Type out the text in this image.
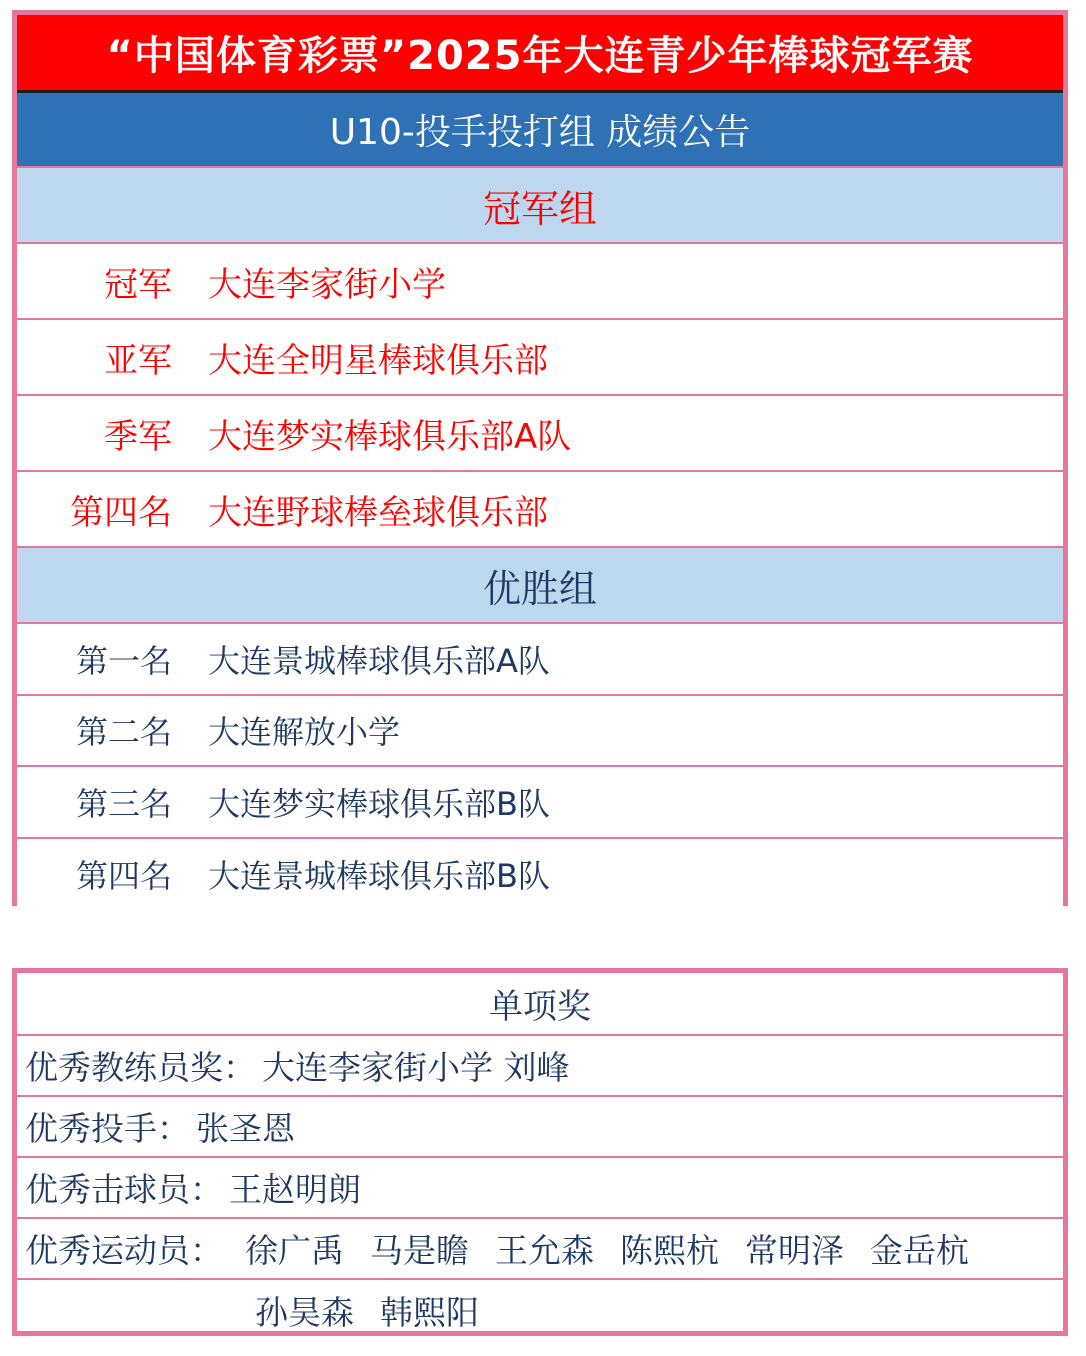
“中国体育彩票”2025年大连青少年棒球冠军赛
U10-投手投打组 成绩公告
冠军组
冠军 大连李家街小学
亚军 大连全明星棒球俱乐部
季军 大连梦实棒球俱乐部A队
第四名 大连野球棒垒球俱乐部
优胜组
第一名 大连景城棒球俱乐部A队
第二名 大连解放小学
第三名 大连梦实棒球俱乐部B队
第四名 大连景城棒球俱乐部B队
单项奖
优秀教练员奖： 大连李家街小学 刘峰
优秀投手： 张圣恩
优秀击球员： 王赵明朗
优秀运动员： 徐广禹 马是瞻 王允森 陈熙杭 常明泽 金岳杭
孙昊森 韩熙阳
